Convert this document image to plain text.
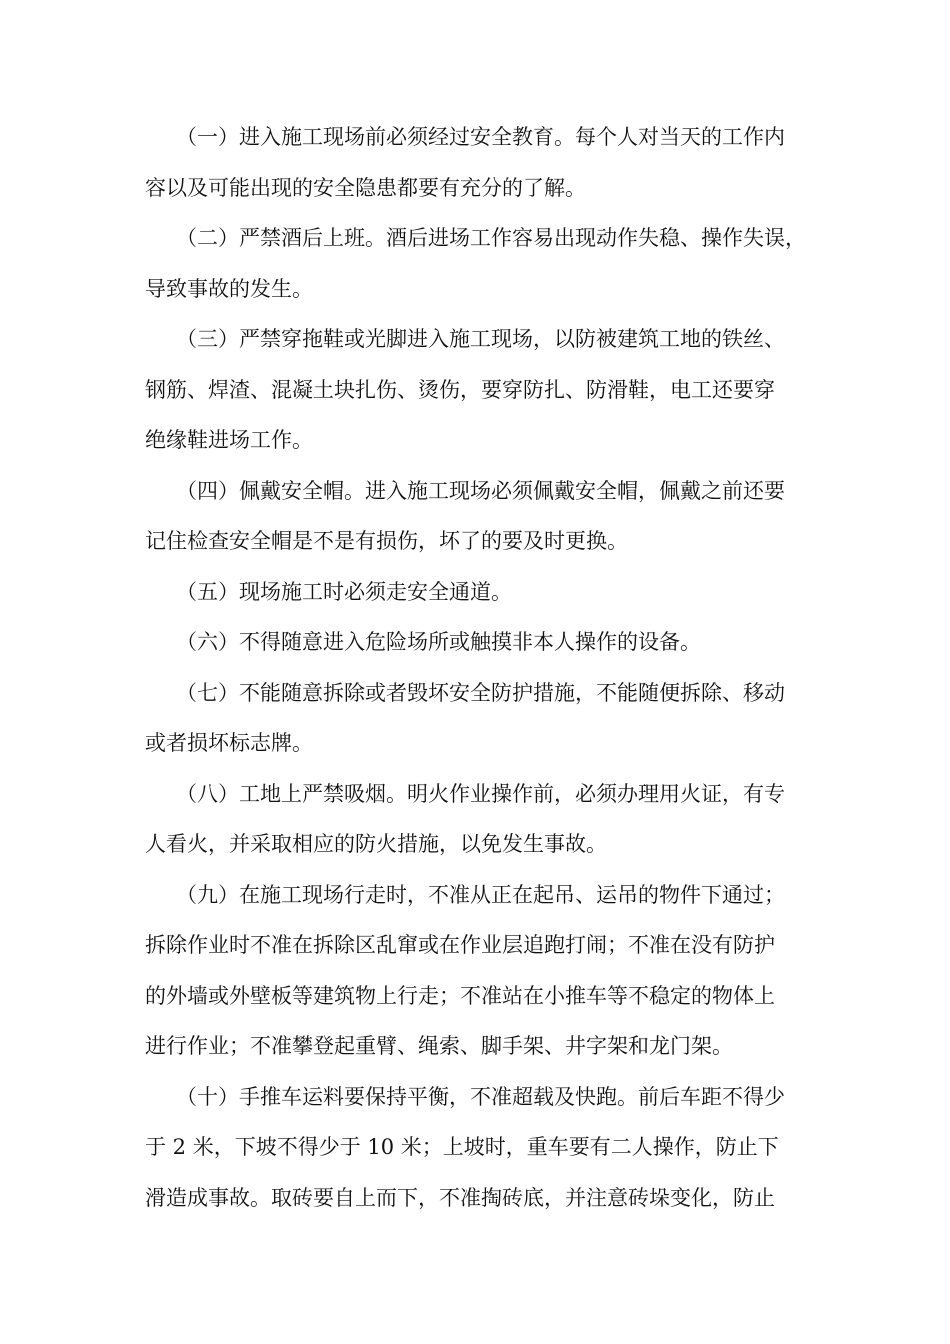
（一）进入施工现场前必须经过安全教育。每个人对当天的工作内
容以及可能出现的安全隐患都要有充分的了解。

（二）严禁酒后上班。酒后进场工作容易出现动作失稳、操作失误，
导致事故的发生。

（三）严禁穿拖鞋或光脚进入施工现场，以防被建筑工地的铁丝、
钢筋、焊渣、混凝土块扎伤、烫伤，要穿防扎、防滑鞋，电工还要穿
绝缘鞋进场工作。

（四）佩戴安全帽。进入施工现场必须佩戴安全帽，佩戴之前还要
记住检查安全帽是不是有损伤，坏了的要及时更换。

（五）现场施工时必须走安全通道。

（六）不得随意进入危险场所或触摸非本人操作的设备。

（七）不能随意拆除或者毁坏安全防护措施，不能随便拆除、移动
或者损坏标志牌。

（八）工地上严禁吸烟。明火作业操作前，必须办理用火证，有专
人看火，并采取相应的防火措施，以免发生事故。

（九）在施工现场行走时，不准从正在起吊、运吊的物件下通过；
拆除作业时不准在拆除区乱窜或在作业层追跑打闹；不准在没有防护
的外墙或外壁板等建筑物上行走；不准站在小推车等不稳定的物体上
进行作业；不准攀登起重臂、绳索、脚手架、井字架和龙门架。

（十）手推车运料要保持平衡，不准超载及快跑。前后车距不得少
于 2 米，下坡不得少于 10 米；上坡时，重车要有二人操作，防止下
滑造成事故。取砖要自上而下，不准掏砖底，并注意砖垛变化，防止
